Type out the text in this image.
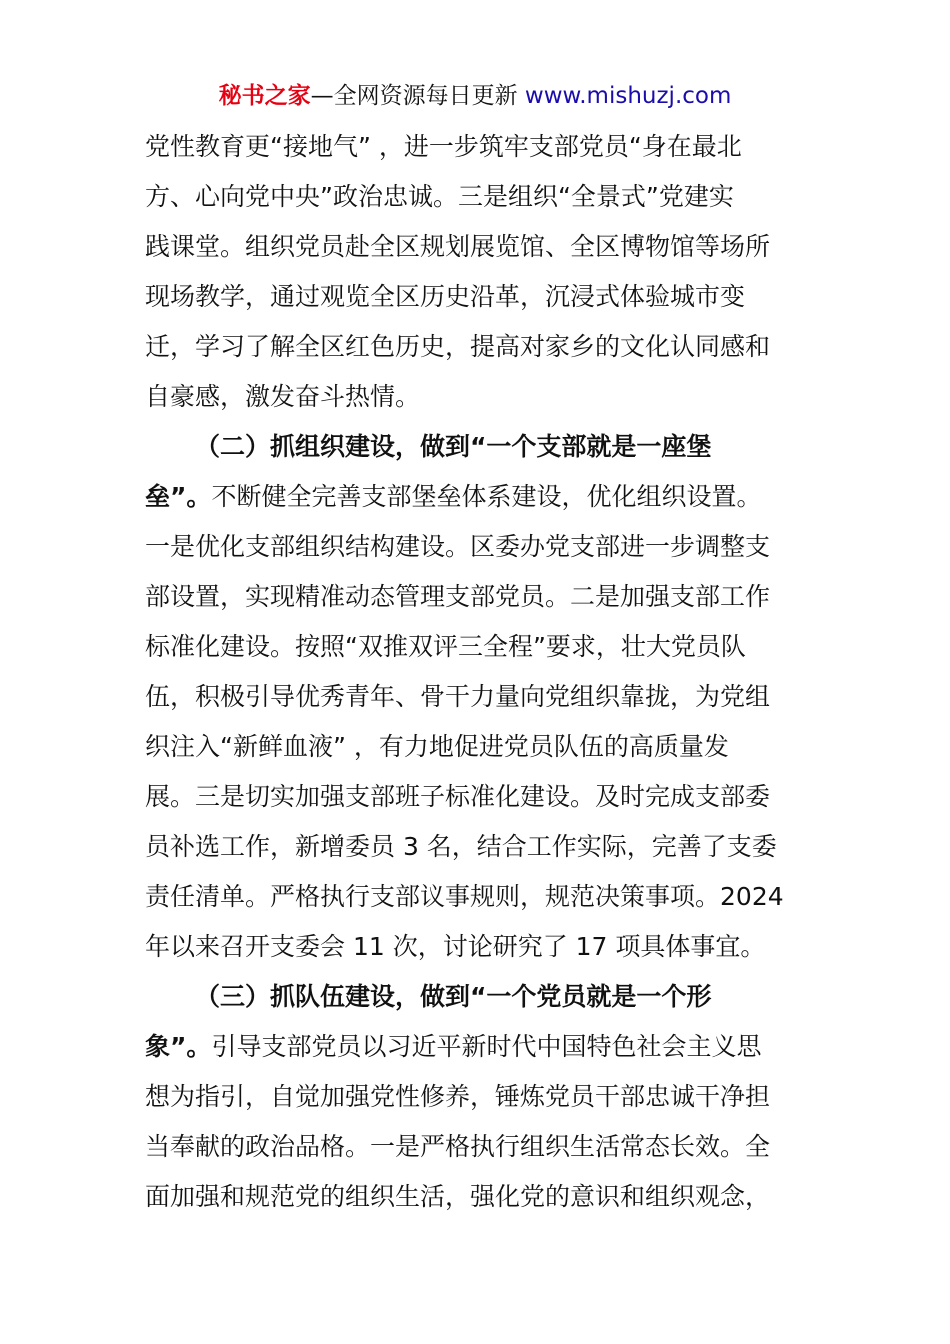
秘书之家—全网资源每日更新 www.mishuzj.com
党性教育更“接地气” ，进一步筑牢支部党员“身在最北
方、心向党中央”政治忠诚。三是组织“全景式”党建实
践课堂。组织党员赴全区规划展览馆、全区博物馆等场所
现场教学，通过观览全区历史沿革，沉浸式体验城市变
迁，学习了解全区红色历史，提高对家乡的文化认同感和
自豪感，激发奋斗热情。
（二）抓组织建设，做到“一个支部就是一座堡
垒”。不断健全完善支部堡垒体系建设，优化组织设置。
一是优化支部组织结构建设。区委办党支部进一步调整支
部设置，实现精准动态管理支部党员。二是加强支部工作
标准化建设。按照“双推双评三全程”要求，壮大党员队
伍，积极引导优秀青年、骨干力量向党组织靠拢，为党组
织注入“新鲜血液” ，有力地促进党员队伍的高质量发
展。三是切实加强支部班子标准化建设。及时完成支部委
员补选工作，新增委员 3 名，结合工作实际，完善了支委
责任清单。严格执行支部议事规则，规范决策事项。2024
年以来召开支委会 11 次，讨论研究了 17 项具体事宜。
（三）抓队伍建设，做到“一个党员就是一个形
象”。引导支部党员以习近平新时代中国特色社会主义思
想为指引，自觉加强党性修养，锤炼党员干部忠诚干净担
当奉献的政治品格。一是严格执行组织生活常态长效。全
面加强和规范党的组织生活，强化党的意识和组织观念，
